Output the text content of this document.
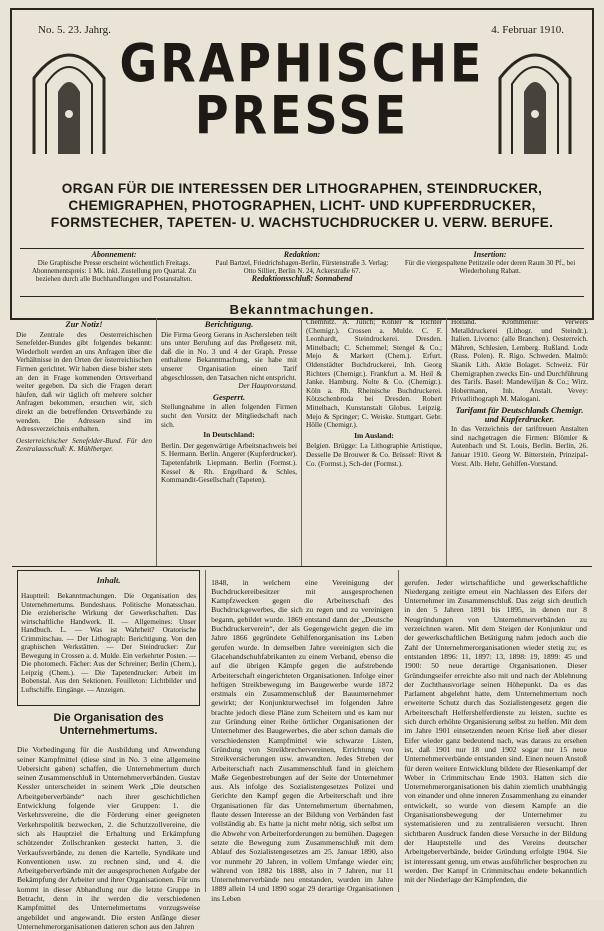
No. 5. 23. Jahrg.	4. Februar 1910.
GRAPHISCHE
PRESSE
ORGAN FÜR DIE INTERESSEN DER LITHOGRAPHEN, STEINDRUCKER, CHEMIGRAPHEN, PHOTOGRAPHEN, LICHT- UND KUPFERDRUCKER, FORMSTECHER, TAPETEN- U. WACHSTUCHDRUCKER U. VERW. BERUFE.
Abonnement:
Die Graphische Presse erscheint wöchentlich Freitags. Abonnementspreis: 1 Mk. inkl. Zustellung pro Quartal. Zu beziehen durch alle Buchhandlungen und Postanstalten.
Redaktion:
Paul Bartzel, Friedrichshagen-Berlin, Fürstenstraße 3. Verlag: Otto Sillier, Berlin N. 24, Ackerstraße 67.
Redaktionsschluß: Sonnabend
Insertion:
Für die viergespaltene Petitzeile oder deren Raum 30 Pf., bei Wiederholung Rabatt.
Bekanntmachungen.
Zur Notiz!

Die Zentrale des Oesterreichischen Senefelder-Bundes gibt folgendes bekannt: Wiederholt werden an uns Anfragen über die Verhältnisse in den Orten der österreichischen Firmen gerichtet. Wir haben diese bisher stets an den in Frage kommenden Ortsverband weiter gegeben. Da sich die Fragen derart häufen, daß wir täglich oft mehrere solcher Anfragen bekommen, ersuchen wir, sich direkt an die betreffenden Ortsverbände zu wenden. Die Adressen sind im Adressverzeichnis enthalten.

Oesterreichischer Senefelder-Bund. Für den Zentralausschuß: K. Mühlberger.

Berichtigung.

Die Firma Georg Gerans in Aschersleben teilt uns unter Berufung auf das Preßgesetz mit, daß die in No. 3 und 4 der Graph. Presse enthaltene Bekanntmachung, sie habe mit unserer Organisation einen Tarif abgeschlossen, den Tatsachen nicht entspricht.

Der Hauptvorstand.

Gesperrt.

Stellungnahme in allen folgenden Firmen sucht den Vorsitz der Mitgliedschaft nach sich.

In Deutschland:

Berlin. Der gegenwärtige Arbeitsnachweis bei S. Hermann. Berlin. Angerer (Kupferdrucker). Tapetenfabrik Liepmann. Berlin (Formst.). Kessel & Rh. Engelhard & Schles, Kommandit-Gesellschaft (Tapeten).

Chemnitz. A. Jülich; Köhler & Richter (Chemigr.). Crossen a. Mulde. C. F. Leonhardt, Steindruckerei. Dresden. Mittelbach; C. Schemmel; Stengel & Co.; Mejo & Markert (Chem.). Erfurt. Oldenstädter Buchdruckerei, Inh. Georg Richters (Chemigr.). Frankfurt a. M. Heil & Janke. Hamburg. Nolte & Co. (Chemigr.). Köln a. Rh. Rheinische Buchdruckerei. Kötzschenbroda bei Dresden. Robert Mittelbach, Kunstanstalt Globus. Leipzig. Mejo & Springer; C. Weiske. Stuttgart. Gebr. Hölle (Chemigr.).

Im Ausland:

Belgien. Brügge: La Lithographie Artistique, Desselle De Brouwer & Co. Brüssel: Rivet & Co. (Formst.), Sch-der (Formst.).

Holland. Krommenie: Verwers Metalldruckerei (Lithogr. und Steindr.). Italien. Livorno: (alle Branchen). Oesterreich. Mähren, Schlesien, Lemberg. Rußland. Lodz (Russ. Polen). R. Rigo. Schweden. Malmö: Skanik Lith. Aktie Bolaget. Schweiz. Für Chemigraphen zwecks Ein- und Durchführung des Tarifs. Basel: Mandewiljan & Co.; Wirz. Hobermann, Inh. Anstalt. Vevey: Privatlithograph M. Malogani.

Tarifamt für Deutschlands Chemigr. und Kupferdrucker.

In das Verzeichnis der tariftreuen Anstalten sind nachgetragen die Firmen: Blömler & Autenbach und St. Louis, Berlin. Berlin, 26. Januar 1910. Georg W. Bitterstein, Prinzipal-Vorst. Alb. Hehr, Gehilfen-Vorstand.

Inhalt.

Hauptteil: Bekanntmachungen. Die Organisation des Unternehmertums. Bundeshaus. Politische Monatsschau. Die erzieherische Wirkung der Gewerkschaften. Das wirtschaftliche Handwerk. II. — Allgemeines: Unser Handbuch. L. — Was ist Wahrheit? Oratorische Crimmitschau. — Der Lithograph: Berichtigung. Von den graphischen Werkstätten. — Der Steindrucker: Zur Bewegung in Crossen a. d. Mulde. Ein verkehrter Posten. — Die photomech. Fächer: Aus der Schreiner; Berlin (Chem.), Leipzig (Chem.). — Die Tapetendrucker: Arbeit im Bobenstal. Aus den Sektionen. Feuilleton: Lichtbilder und Luftschiffe. Eingänge. — Anzeigen.

Die Organisation des Unternehmertums.

Die Vorbedingung für die Ausbildung und Anwendung seiner Kampfmittel (diese sind in No. 3 eine allgemeine Uebersicht gaben) schaffen, die Unternehmertum durch seinen Zusammenschluß in Unternehmerverbänden. Gustav Kessler unterscheidet in seinem Werk „Die deutschen Arbeitgeberverbände“ nach ihrer geschichtlichen Entwicklung folgende vier Gruppen: 1. die Verkehrsvereine, die die Förderung einer geeigneten Verkehrspolitik bezwecken, 2. die Schutzzollvereine, die sich als Hauptziel die Erhaltung und Erkämpfung schützender Zollschranken gesteckt hatten, 3. die Verkaufsverbände, zu denen die Kartelle, Syndikate und Konventionen usw. zu rechnen sind, und 4. die Arbeitgeberverbände mit der ausgesprochenen Aufgabe der Bekämpfung der Arbeiter und ihrer Organisationen. Für uns kommt in dieser Abhandlung nur die letzte Gruppe in Betracht, denn in ihr werden die verschiedenen Kampfmittel des Unternehmertums vorzugsweise angebildet und angewandt. Die ersten Anfänge dieser Unternehmerorganisationen datieren schon aus den Jahren

1848, in welchem eine Vereinigung der Buchdruckereibesitzer mit ausgesprochenen Kampfzwecken gegen die Arbeiterschaft des Buchdruckgewerbes, die sich zu regen und zu vereinigen begann, gebildet wurde. 1869 entstand dann der „Deutsche Buchdruckerverein“, der als Gegengewicht gegen die im Jahre 1866 gegründete Gehilfenorganisation ins Leben gerufen wurde. In demselben Jahre vereinigten sich die Glacehandschuhfabrikanten zu einem Verband, ebenso die auf die übrigen Kämpfe gegen die aufstrebende Arbeiterschaft eingerichteten Organisationen. Infolge einer heftigen Streikbewegung im Baugewerbe wurde 1872 erstmals ein Zusammenschluß der Bauunternehmer gewirkt; der Konjunkturwechsel im folgenden Jahre brachte jedoch diese Pläne zum Scheitern und es kam nur zur Gründung einer Reihe örtlicher Organisationen der Unternehmer des Baugewerbes, die aber schon damals die verschiedensten Kampfmittel wie schwarze Listen, Gründung von Streikbrechervereinen, Errichtung von Streikversicherungen usw. anwandten. Jedes Streben der Arbeiterschaft nach Zusammenschluß fand in gleichem Maße Gegenbestrebungen auf der Seite der Unternehmer aus. Als infolge des Sozialistengesetzes Polizei und Gerichte den Kampf gegen die Arbeiterschaft und ihre Organisationen für das Unternehmertum übernahmen, flaute dessen Interesse an der Bildung von Verbänden fast vollständig ab. Es hatte ja nicht mehr nötig, sich selbst um die Abwehr von Arbeiterforderungen zu bemühen. Dagegen setzte die Bewegung zum Zusammenschluß mit dem Ablauf des Sozialistengesetzes am 25. Januar 1890, also vor nunmehr 20 Jahren, in vollem Umfange wieder ein; während von 1882 bis 1888, also in 7 Jahren, nur 11 Unternehmerverbände neu entstanden, wurden im Jahre 1889 allein 14 und 1890 sogar 29 derartige Organisationen ins Leben

gerufen. Jeder wirtschaftliche und gewerkschaftliche Niedergang zeitigte erneut ein Nachlassen des Eifers der Unternehmer im Zusammenschluß. Das zeigt sich deutlich in den 5 Jahren 1891 bis 1895, in denen nur 8 Neugründungen von Unternehmerverbänden zu verzeichnen waren. Mit dem Steigen der Konjunktur und der gewerkschaftlichen Betätigung nahm jedoch auch die Zahl der Unternehmerorganisationen wieder stetig zu; es entstanden 1896: 11, 1897: 13, 1898: 19, 1899: 45 und 1900: 50 neue derartige Organisationen. Dieser Gründungseifer erreichte also mit und nach der Ablehnung der Zuchthausvorlage seinen Höhepunkt. Da es das Parlament abgelehnt hatte, dem Unternehmertum noch erweiterte Schutz durch das Sozialistengesetz gegen die Arbeiterschaft Helfershelferdienste zu leisten, suchte es sich durch erhöhte Organisierung selbst zu helfen. Mit dem im Jahre 1901 einsetzenden neuen Krise ließ aber dieser Eifer wieder ganz bedeutend nach, was daraus zu ersehen ist, daß 1901 nur 18 und 1902 sogar nur 15 neue Unternehmerverbände entstanden sind. Einen neuen Anstoß für deren weitere Entwicklung bildete der Riesenkampf der Weber in Crimmitschau Ende 1903. Hatten sich die Unternehmerorganisationen bis dahin ziemlich unabhängig von einander und ohne inneren Zusammenhang zu einander entwickelt, so wurde von diesem Kampfe an die Organisationsbewegung der Unternehmer zu systematisieren und zu zentralisieren versucht. Ihren sichtbaren Ausdruck fanden diese Versuche in der Bildung der Hauptstelle und des Vereins deutscher Arbeitgeberverbände, beider Gründung erfolgte 1904. Sie ist interessant genug, um etwas ausführlicher besprochen zu werden. Der Kampf in Crimmitschau endete bekanntlich mit der Niederlage der Kämpfenden, die
